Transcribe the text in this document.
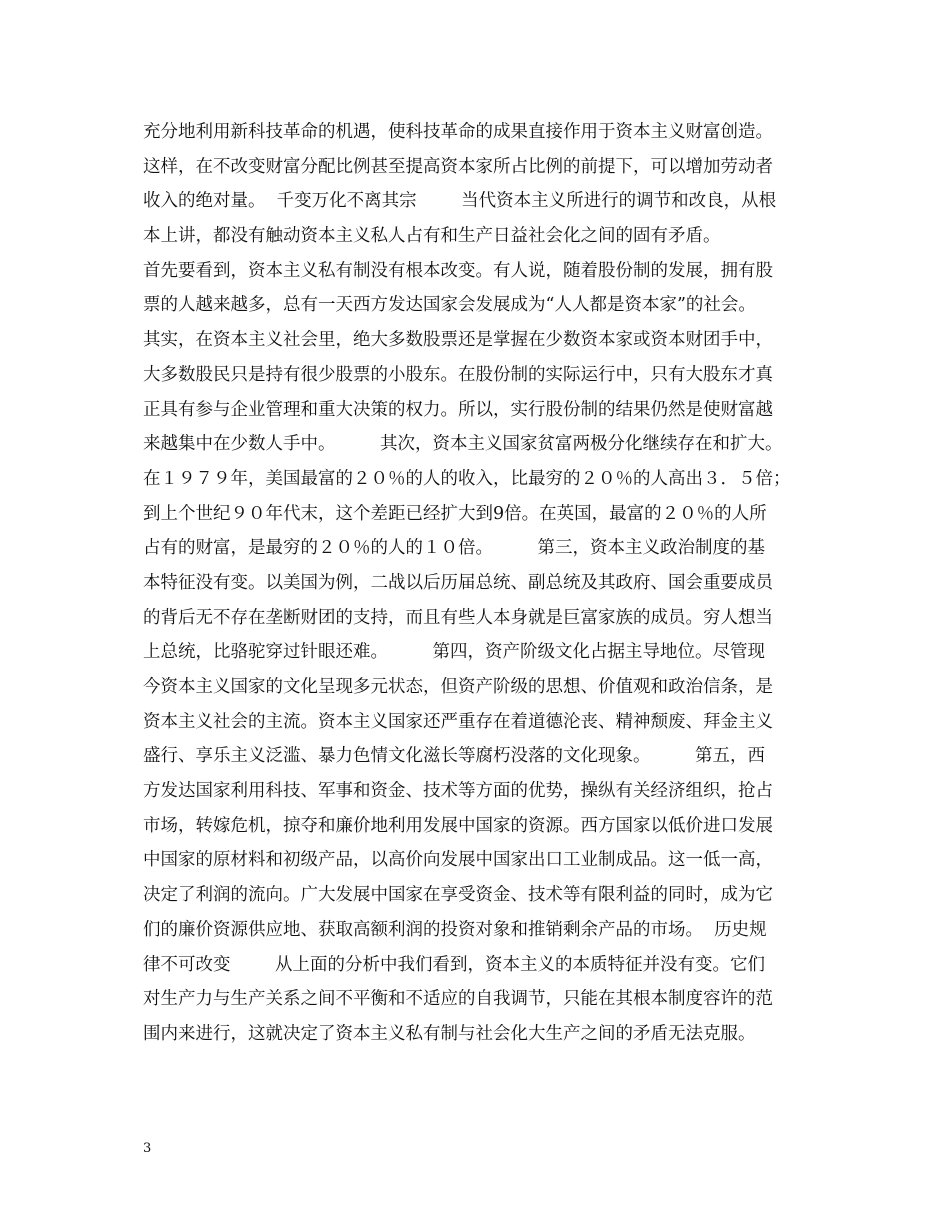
充分地利用新科技革命的机遇，使科技革命的成果直接作用于资本主义财富创造。
这样，在不改变财富分配比例甚至提高资本家所占比例的前提下，可以增加劳动者
收入的绝对量。  千变万化不离其宗        当代资本主义所进行的调节和改良，从根
本上讲，都没有触动资本主义私人占有和生产日益社会化之间的固有矛盾。
首先要看到，资本主义私有制没有根本改变。有人说，随着股份制的发展，拥有股
票的人越来越多，总有一天西方发达国家会发展成为“人人都是资本家”的社会。
其实，在资本主义社会里，绝大多数股票还是掌握在少数资本家或资本财团手中，
大多数股民只是持有很少股票的小股东。在股份制的实际运行中，只有大股东才真
正具有参与企业管理和重大决策的权力。所以，实行股份制的结果仍然是使财富越
来越集中在少数人手中。        其次，资本主义国家贫富两极分化继续存在和扩大。
在１９７９年，美国最富的２０％的人的收入，比最穷的２０％的人高出３．５倍；
到上个世纪９０年代末，这个差距已经扩大到9倍。在英国，最富的２０％的人所
占有的财富，是最穷的２０％的人的１０倍。        第三，资本主义政治制度的基
本特征没有变。以美国为例，二战以后历届总统、副总统及其政府、国会重要成员
的背后无不存在垄断财团的支持，而且有些人本身就是巨富家族的成员。穷人想当
上总统，比骆驼穿过针眼还难。        第四，资产阶级文化占据主导地位。尽管现
今资本主义国家的文化呈现多元状态，但资产阶级的思想、价值观和政治信条，是
资本主义社会的主流。资本主义国家还严重存在着道德沦丧、精神颓废、拜金主义
盛行、享乐主义泛滥、暴力色情文化滋长等腐朽没落的文化现象。        第五，西
方发达国家利用科技、军事和资金、技术等方面的优势，操纵有关经济组织，抢占
市场，转嫁危机，掠夺和廉价地利用发展中国家的资源。西方国家以低价进口发展
中国家的原材料和初级产品，以高价向发展中国家出口工业制成品。这一低一高，
决定了利润的流向。广大发展中国家在享受资金、技术等有限利益的同时，成为它
们的廉价资源供应地、获取高额利润的投资对象和推销剩余产品的市场。  历史规
律不可改变        从上面的分析中我们看到，资本主义的本质特征并没有变。它们
对生产力与生产关系之间不平衡和不适应的自我调节，只能在其根本制度容许的范
围内来进行，这就决定了资本主义私有制与社会化大生产之间的矛盾无法克服。
3
